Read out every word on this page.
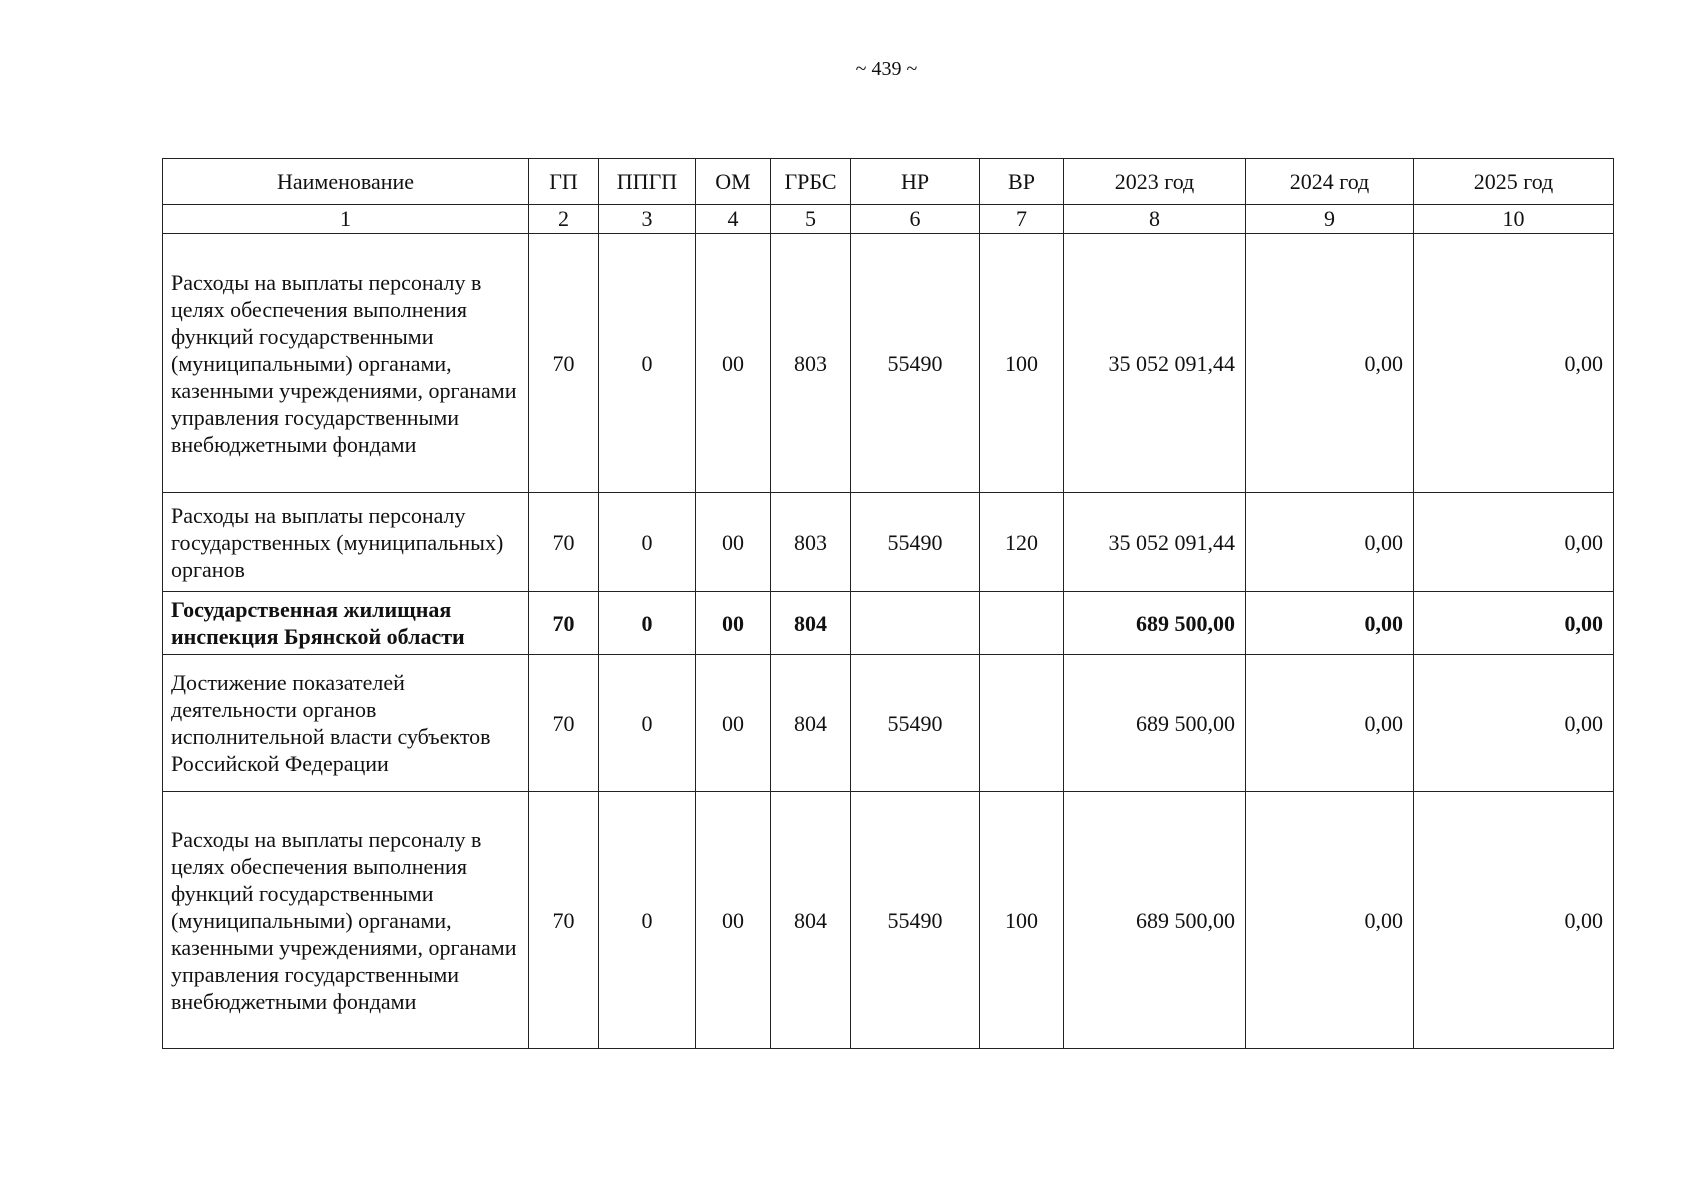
~ 439 ~
Наименование	ГП	ППГП	ОМ	ГРБС	НР	ВР	2023 год	2024 год	2025 год
1	2	3	4	5	6	7	8	9	10
Расходы на выплаты персоналу в целях обеспечения выполнения функций государственными (муниципальными) органами, казенными учреждениями, органами управления государственными внебюджетными фондами	70	0	00	803	55490	100	35 052 091,44	0,00	0,00
Расходы на выплаты персоналу государственных (муниципальных) органов	70	0	00	803	55490	120	35 052 091,44	0,00	0,00
Государственная жилищная инспекция Брянской области	70	0	00	804			689 500,00	0,00	0,00
Достижение показателей деятельности органов исполнительной власти субъектов Российской Федерации	70	0	00	804	55490		689 500,00	0,00	0,00
Расходы на выплаты персоналу в целях обеспечения выполнения функций государственными (муниципальными) органами, казенными учреждениями, органами управления государственными внебюджетными фондами	70	0	00	804	55490	100	689 500,00	0,00	0,00
